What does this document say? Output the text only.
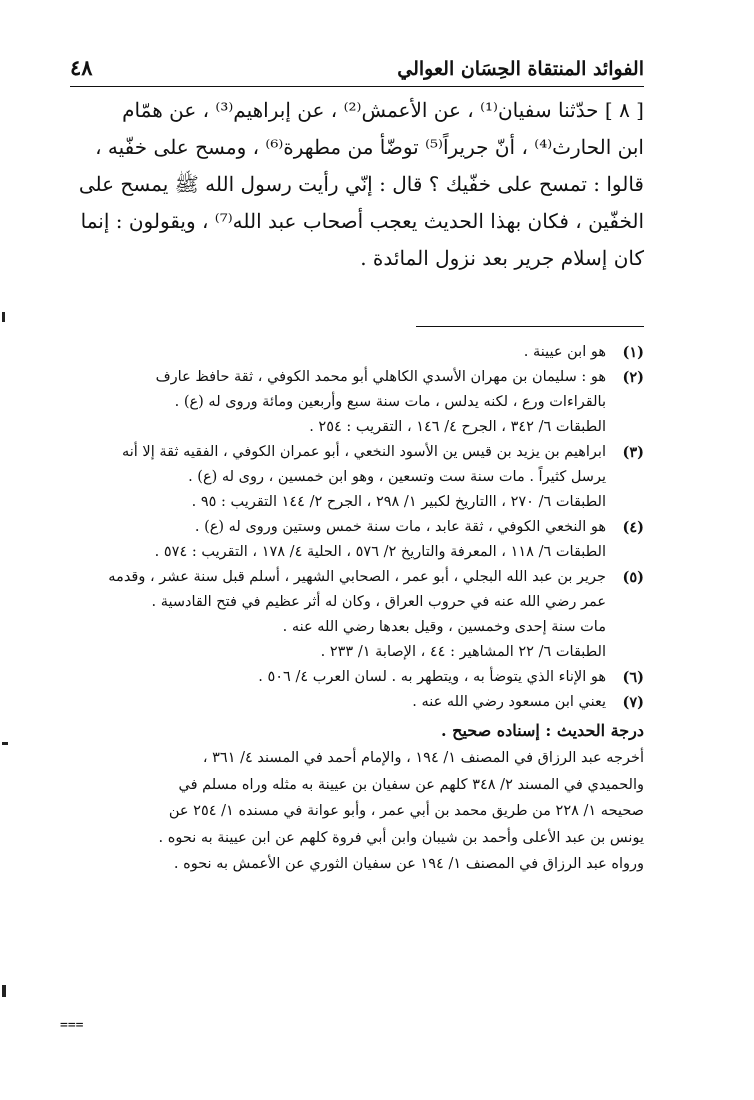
الفوائد المنتقاة الحِسَان العوالي
٤٨

[ ٨ ] حدّثنا سفيان⁽¹⁾ ، عن الأعمش⁽²⁾ ، عن إبراهيم⁽³⁾ ، عن همّام

ابن الحارث⁽⁴⁾ ، أنّ جريراً⁽⁵⁾ توضّأ من مطهرة⁽⁶⁾ ، ومسح على خفّيه ،

قالوا : تمسح على خفّيك ؟ قال : إنّي رأيت رسول الله ﷺ يمسح على

الخفّين ، فكان بهذا الحديث يعجب أصحاب عبد الله⁽⁷⁾ ، ويقولون : إنما

كان إسلام جرير بعد نزول المائدة .

(١)
هو ابن عيينة .
(٢)
هو : سليمان بن مهران الأسدي الكاهلي أبو محمد الكوفي ، ثقة حافظ عارف
بالقراءات ورع ، لكنه يدلس ، مات سنة سبع وأربعين ومائة وروى له (ع) .
الطبقات ٦/ ٣٤٢ ، الجرح ٤/ ١٤٦ ، التقريب : ٢٥٤ .
(٣)
ابراهيم بن يزيد بن قيس ين الأسود النخعي ، أبو عمران الكوفي ، الفقيه ثقة إلا أنه
يرسل كثيراً . مات سنة ست وتسعين ، وهو ابن خمسين ، روى له (ع) .
الطبقات ٦/ ٢٧٠ ، االتاريخ لكبير ١/ ٢٩٨ ، الجرح ٢/ ١٤٤ التقريب : ٩٥ .
(٤)
هو النخعي الكوفي ، ثقة عابد ، مات سنة خمس وستين وروى له (ع) .
الطبقات ٦/ ١١٨ ، المعرفة والتاريخ ٢/ ٥٧٦ ، الحلية ٤/ ١٧٨ ، التقريب : ٥٧٤ .
(٥)
جرير بن عبد الله البجلي ، أبو عمر ، الصحابي الشهير ، أسلم قبل سنة عشر ، وقدمه
عمر رضي الله عنه في حروب العراق ، وكان له أثر عظيم في فتح القادسية .
مات سنة إحدى وخمسين ، وقيل بعدها رضي الله عنه .
الطبقات ٦/ ٢٢ المشاهير : ٤٤ ، الإصابة ١/ ٢٣٣ .
(٦)
هو الإناء الذي يتوضأ به ، ويتطهر به . لسان العرب ٤/ ٥٠٦ .
(٧)
يعني ابن مسعود رضي الله عنه .
درجة الحديث : إسناده صحيح .
أخرجه عبد الرزاق في المصنف ١/ ١٩٤ ، والإمام أحمد في المسند ٤/ ٣٦١ ،
والحميدي في المسند ٢/ ٣٤٨ كلهم عن سفيان بن عيينة به مثله وراه مسلم في
صحيحه ١/ ٢٢٨ من طريق محمد بن أبي عمر ، وأبو عوانة في مسنده ١/ ٢٥٤ عن
يونس بن عبد الأعلى وأحمد بن شيبان وابن أبي فروة كلهم عن ابن عيينة به نحوه .
ورواه عبد الرزاق في المصنف ١/ ١٩٤ عن سفيان الثوري عن الأعمش به نحوه .
===
